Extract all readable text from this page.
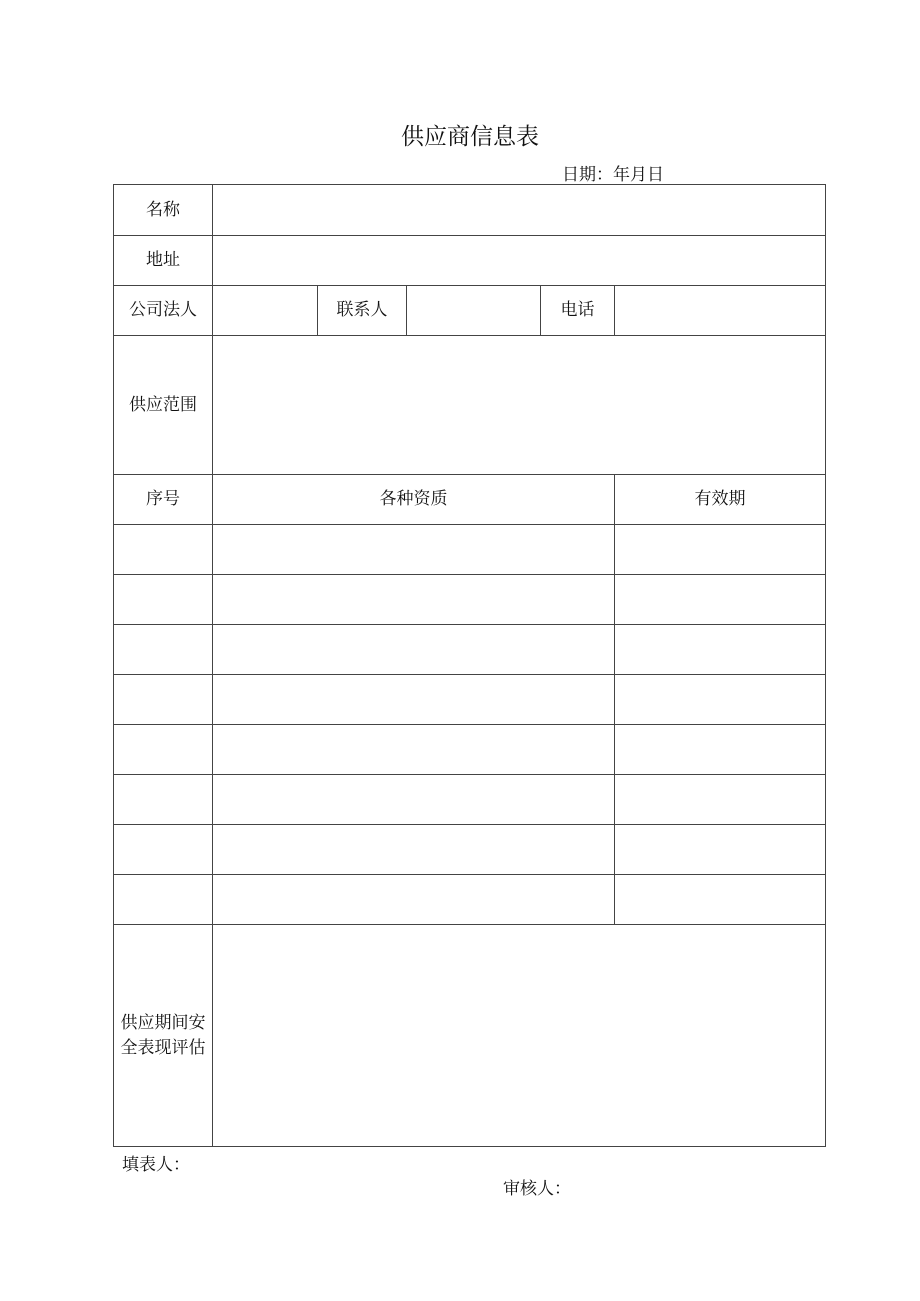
供应商信息表
日期：年月日
名称					
地址					
公司法人		联系人		电话	
供应范围					
序号	各种资质				有效期

供应期间安
全表现评估					

填表人：
审核人：
